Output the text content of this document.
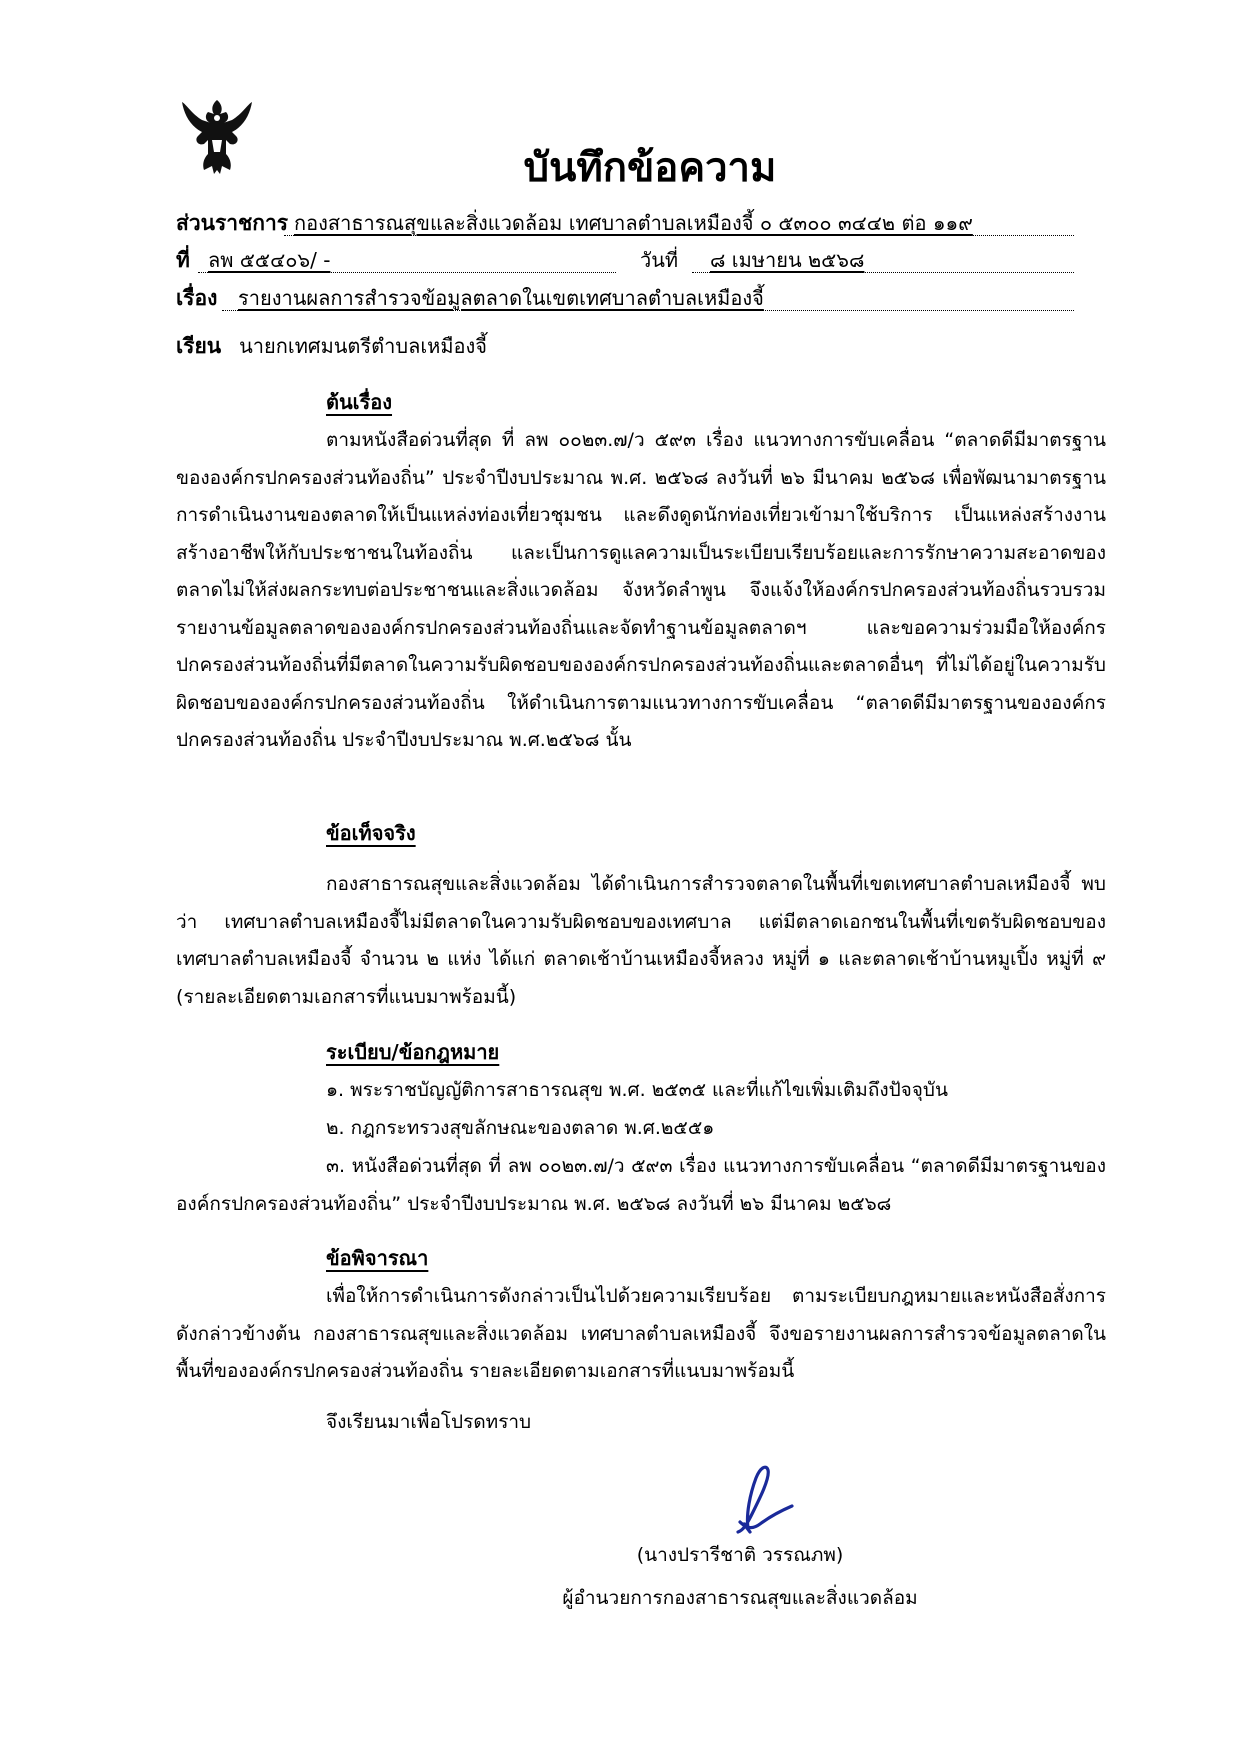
บันทึกข้อความ
ส่วนราชการ กองสาธารณสุขและสิ่งแวดล้อม เทศบาลตำบลเหมืองจี้ ๐ ๕๓๐๐ ๓๔๔๒ ต่อ ๑๑๙
ที่ ลพ ๕๕๔๐๖/ -	วันที่ ๘ เมษายน ๒๕๖๘
เรื่อง รายงานผลการสำรวจข้อมูลตลาดในเขตเทศบาลตำบลเหมืองจี้
เรียน นายกเทศมนตรีตำบลเหมืองจี้
ต้นเรื่อง

ตามหนังสือด่วนที่สุด ที่ ลพ ๐๐๒๓.๗/ว ๕๙๓ เรื่อง แนวทางการขับเคลื่อน “ตลาดดีมีมาตรฐานขององค์กรปกครองส่วนท้องถิ่น” ประจำปีงบประมาณ พ.ศ. ๒๕๖๘ ลงวันที่ ๒๖ มีนาคม ๒๕๖๘ เพื่อพัฒนามาตรฐานการดำเนินงานของตลาดให้เป็นแหล่งท่องเที่ยวชุมชน และดึงดูดนักท่องเที่ยวเข้ามาใช้บริการ เป็นแหล่งสร้างงานสร้างอาชีพให้กับประชาชนในท้องถิ่น และเป็นการดูแลความเป็นระเบียบเรียบร้อยและการรักษาความสะอาดของตลาดไม่ให้ส่งผลกระทบต่อประชาชนและสิ่งแวดล้อม จังหวัดลำพูน จึงแจ้งให้องค์กรปกครองส่วนท้องถิ่นรวบรวมรายงานข้อมูลตลาดขององค์กรปกครองส่วนท้องถิ่นและจัดทำฐานข้อมูลตลาดฯ และขอความร่วมมือให้องค์กรปกครองส่วนท้องถิ่นที่มีตลาดในความรับผิดชอบขององค์กรปกครองส่วนท้องถิ่นและตลาดอื่นๆ ที่ไม่ได้อยู่ในความรับผิดชอบขององค์กรปกครองส่วนท้องถิ่น ให้ดำเนินการตามแนวทางการขับเคลื่อน “ตลาดดีมีมาตรฐานขององค์กรปกครองส่วนท้องถิ่น ประจำปีงบประมาณ พ.ศ.๒๕๖๘ นั้น

ข้อเท็จจริง

กองสาธารณสุขและสิ่งแวดล้อม ได้ดำเนินการสำรวจตลาดในพื้นที่เขตเทศบาลตำบลเหมืองจี้ พบว่า เทศบาลตำบลเหมืองจี้ไม่มีตลาดในความรับผิดชอบของเทศบาล แต่มีตลาดเอกชนในพื้นที่เขตรับผิดชอบของเทศบาลตำบลเหมืองจี้ จำนวน ๒ แห่ง ได้แก่ ตลาดเช้าบ้านเหมืองจี้หลวง หมู่ที่ ๑ และตลาดเช้าบ้านหมูเปิ้ง หมู่ที่ ๙ (รายละเอียดตามเอกสารที่แนบมาพร้อมนี้)

ระเบียบ/ข้อกฎหมาย
๑. พระราชบัญญัติการสาธารณสุข พ.ศ. ๒๕๓๕ และที่แก้ไขเพิ่มเติมถึงปัจจุบัน
๒. กฎกระทรวงสุขลักษณะของตลาด พ.ศ.๒๕๕๑

๓. หนังสือด่วนที่สุด ที่ ลพ ๐๐๒๓.๗/ว ๕๙๓ เรื่อง แนวทางการขับเคลื่อน “ตลาดดีมีมาตรฐานขององค์กรปกครองส่วนท้องถิ่น” ประจำปีงบประมาณ พ.ศ. ๒๕๖๘ ลงวันที่ ๒๖ มีนาคม ๒๕๖๘

ข้อพิจารณา

เพื่อให้การดำเนินการดังกล่าวเป็นไปด้วยความเรียบร้อย ตามระเบียบกฎหมายและหนังสือสั่งการดังกล่าวข้างต้น กองสาธารณสุขและสิ่งแวดล้อม เทศบาลตำบลเหมืองจี้ จึงขอรายงานผลการสำรวจข้อมูลตลาดในพื้นที่ขององค์กรปกครองส่วนท้องถิ่น รายละเอียดตามเอกสารที่แนบมาพร้อมนี้

จึงเรียนมาเพื่อโปรดทราบ
(นางปรารีชาติ วรรณภพ)
ผู้อำนวยการกองสาธารณสุขและสิ่งแวดล้อม
